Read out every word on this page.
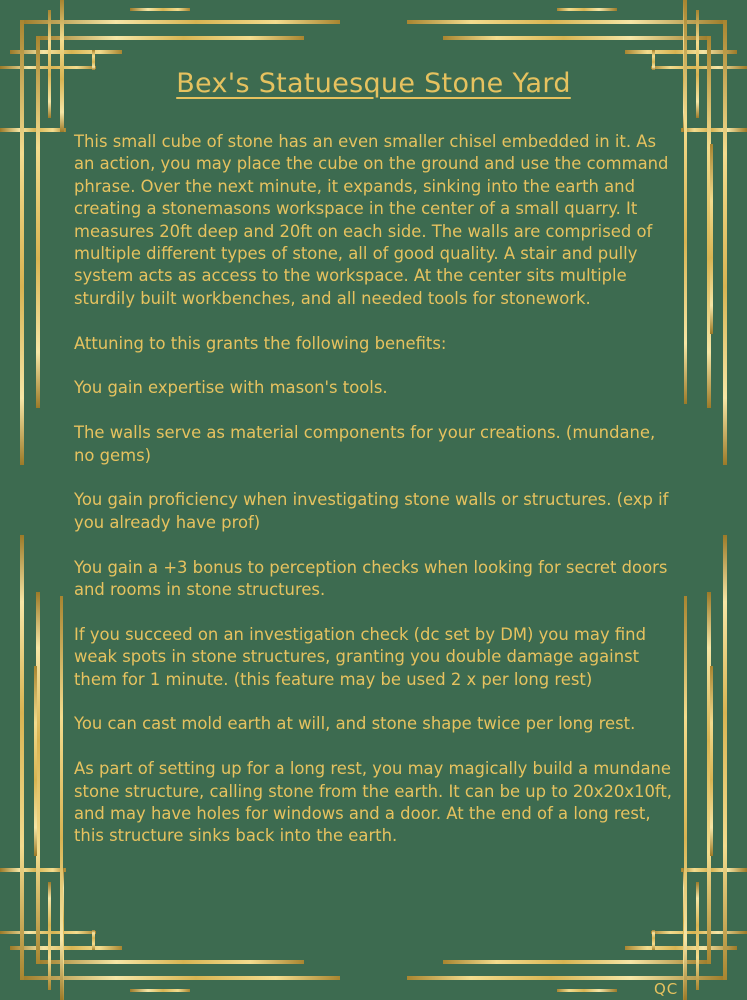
Bex's Statuesque Stone Yard

This small cube of stone has an even smaller chisel embedded in it. As an action, you may place the cube on the ground and use the command phrase. Over the next minute, it expands, sinking into the earth and creating a stonemasons workspace in the center of a small quarry. It measures 20ft deep and 20ft on each side. The walls are comprised of multiple different types of stone, all of good quality. A stair and pully system acts as access to the workspace. At the center sits multiple sturdily built workbenches, and all needed tools for stonework.

Attuning to this grants the following benefits:

You gain expertise with mason's tools.

The walls serve as material components for your creations. (mundane, no gems)

You gain proficiency when investigating stone walls or structures. (exp if you already have prof)

You gain a +3 bonus to perception checks when looking for secret doors and rooms in stone structures.

If you succeed on an investigation check (dc set by DM) you may find weak spots in stone structures, granting you double damage against them for 1 minute. (this feature may be used 2 x per long rest)

You can cast mold earth at will, and stone shape twice per long rest.

As part of setting up for a long rest, you may magically build a mundane stone structure, calling stone from the earth. It can be up to 20x20x10ft, and may have holes for windows and a door. At the end of a long rest, this structure sinks back into the earth.

QC
